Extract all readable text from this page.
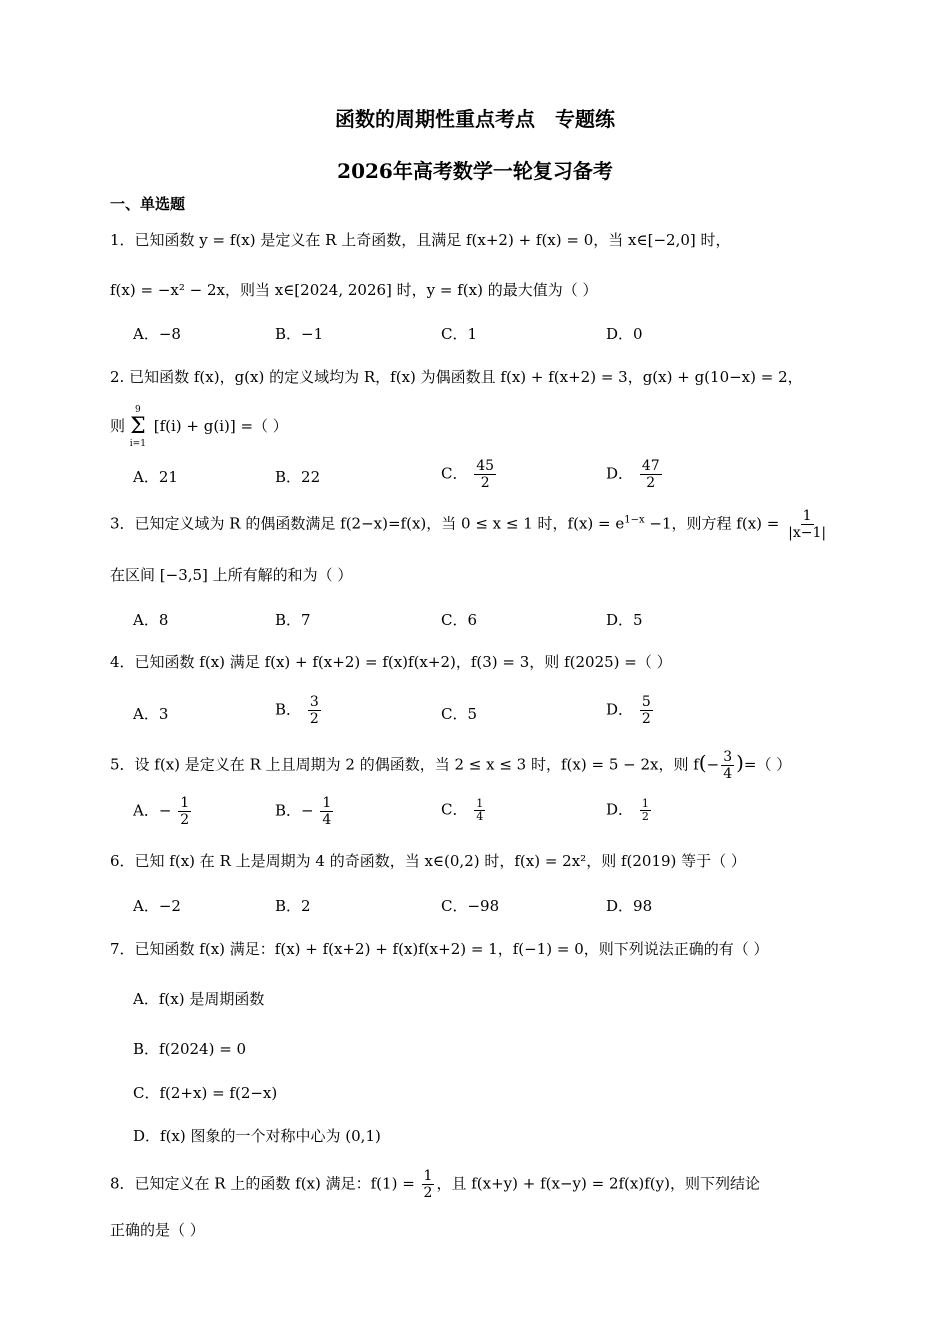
函数的周期性重点考点　专题练
2026年高考数学一轮复习备考
一、单选题
1．已知函数 y = f(x) 是定义在 R 上奇函数，且满足 f(x+2) + f(x) = 0，当 x∈[−2,0] 时，
f(x) = −x² − 2x，则当 x∈[2024, 2026] 时，y = f(x) 的最大值为（ ）
A．−8	B．−1	C．1	D．0
2. 已知函数 f(x)，g(x) 的定义域均为 R，f(x) 为偶函数且 f(x) + f(x+2) = 3，g(x) + g(10−x) = 2，
则
9
Σ
i=1
[f(i) + g(i)] =（ ）
A．21	B．22	C． $\frac{45}{2}$	D． $\frac{47}{2}$
3．已知定义域为 R 的偶函数满足 f(2−x)=f(x)，当 0 ≤ x ≤ 1 时，$f(x) = e^{1-x} -1$，则方程 $f(x) = \frac{1}{|x-1|}$
在区间 [−3,5] 上所有解的和为（ ）
A．8	B．7	C．6	D．5
4．已知函数 f(x) 满足 f(x) + f(x+2) = f(x)f(x+2)，f(3) = 3，则 f(2025) =（ ）
A．3	B． $\frac{3}{2}$	C．5	D． $\frac{5}{2}$
5．设 f(x) 是定义在 R 上且周期为 2 的偶函数，当 2 ≤ x ≤ 3 时，f(x) = 5 − 2x，则 $f(- \frac{3}{4}$ )=（ ）
A．− $\frac{1}{2}$	B．− $\frac{1}{4}$	C． $\frac{1}{4}$	D． $\frac{1}{2}$
6．已知 f(x) 在 R 上是周期为 4 的奇函数，当 x∈(0,2) 时，f(x) = 2x²，则 f(2019) 等于（ ）
A．−2	B．2	C．−98	D．98
7．已知函数 f(x) 满足：f(x) + f(x+2) + f(x)f(x+2) = 1，f(−1) = 0，则下列说法正确的有（ ）
A．f(x) 是周期函数
B．f(2024) = 0
C．f(2+x) = f(2−x)
D．f(x) 图象的一个对称中心为 (0,1)
8．已知定义在 R 上的函数 f(x) 满足：$f(1) = \frac{1}{2}$ ，且 f(x+y) + f(x−y) = 2f(x)f(y)，则下列结论
正确的是（ ）
